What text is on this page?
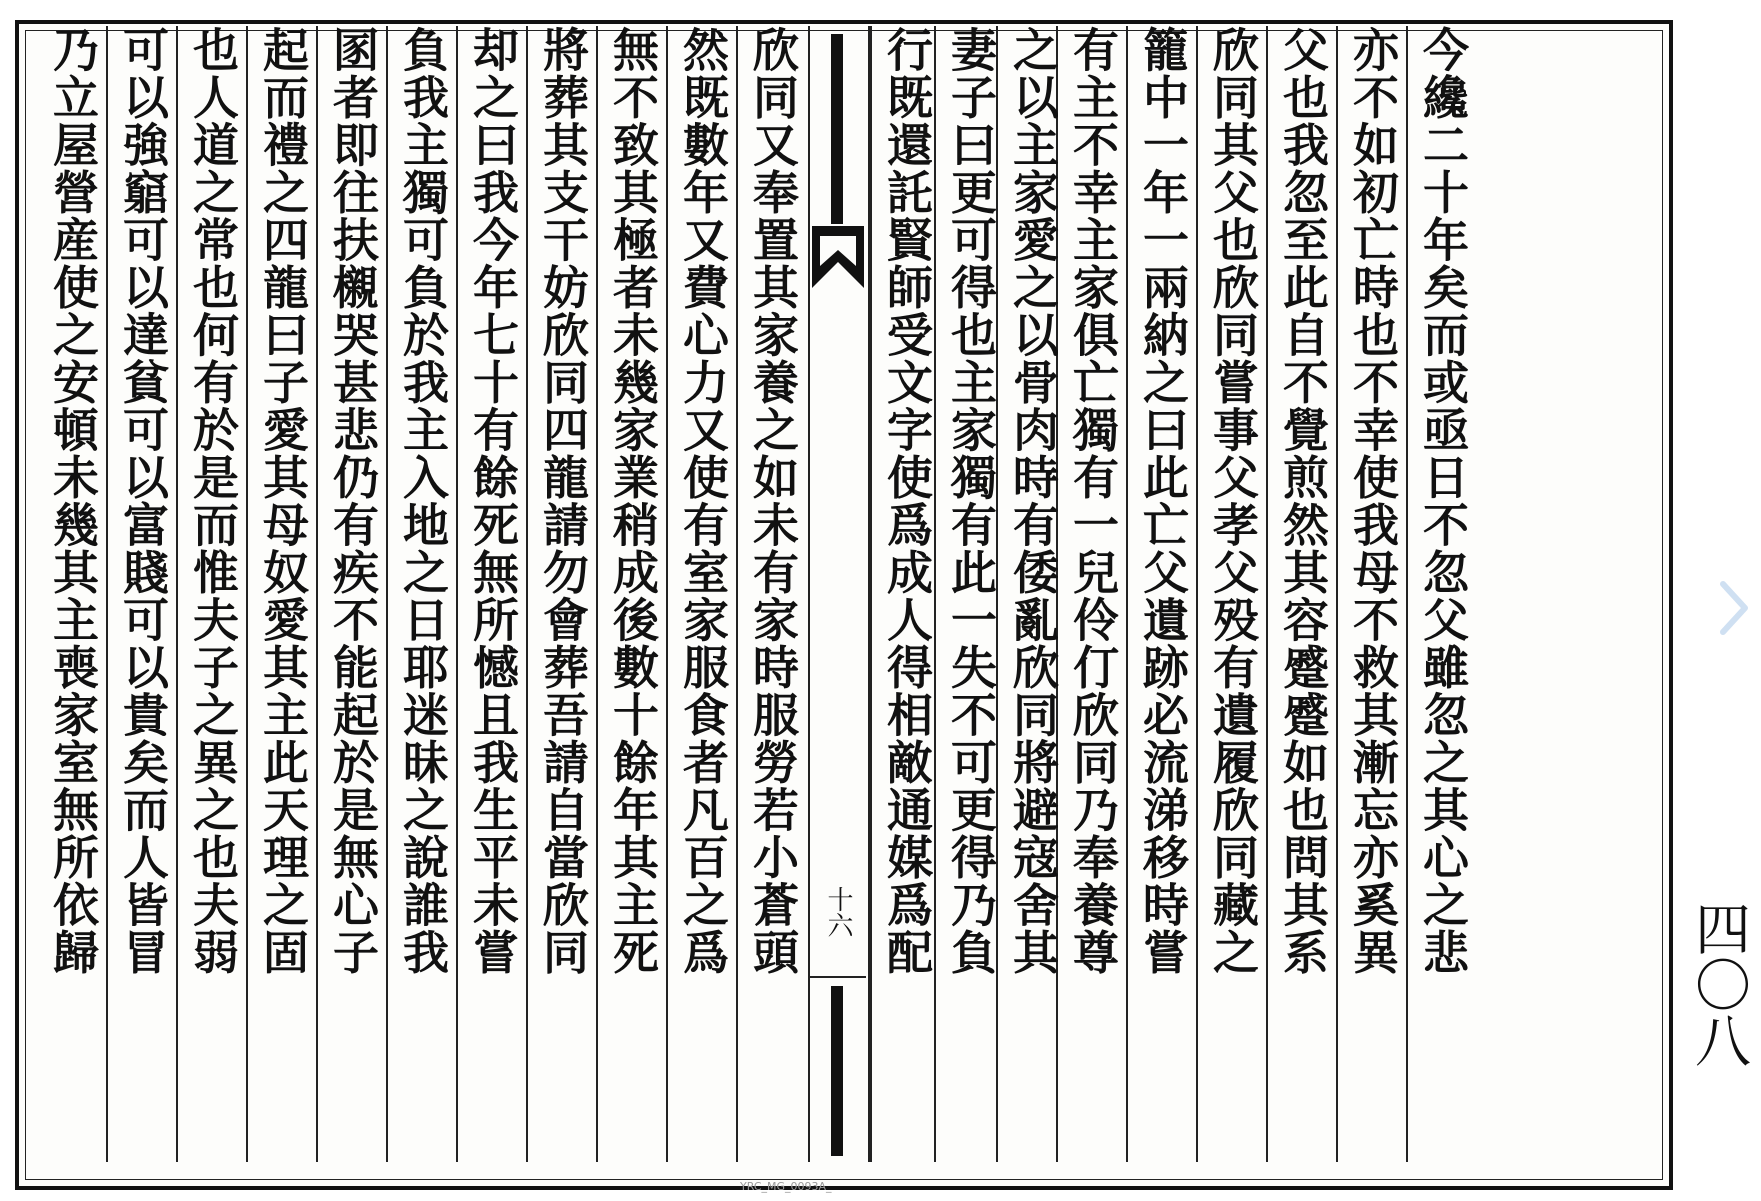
今纔二十年矣而或亟日不忽父雖忽之其心之悲
亦不如初亡時也不幸使我母不救其漸忘亦奚異
父也我忽至此自不覺煎然其容蹙蹙如也問其系
欣同其父也欣同嘗事父孝父殁有遺履欣同藏之
籠中一年一兩納之曰此亡父遺跡必流涕移時嘗
有主不幸主家俱亡獨有一兒伶仃欣同乃奉養尊
之以主家愛之以骨肉時有倭亂欣同將避寇舍其
妻子曰更可得也主家獨有此一失不可更得乃負
行既還託賢師受文字使爲成人得相敵通媒爲配
十六
欣同又奉置其家養之如未有家時服勞若小蒼頭
然既數年又費心力又使有室家服食者凡百之爲
無不致其極者未幾家業稍成後數十餘年其主死
將葬其支干妨欣同四龍請勿會葬吾請自當欣同
却之曰我今年七十有餘死無所憾且我生平未嘗
負我主獨可負於我主入地之日耶迷昧之說誰我
圂者即往扶櫬哭甚悲仍有疾不能起於是無心子
起而禮之四龍曰子愛其母奴愛其主此天理之固
也人道之常也何有於是而惟夫子之異之也夫弱
可以強竆可以達貧可以富賤可以貴矣而人皆冒
乃立屋營産使之安頓未幾其主喪家室無所依歸
四〇八
YRC_MG_0093A_
